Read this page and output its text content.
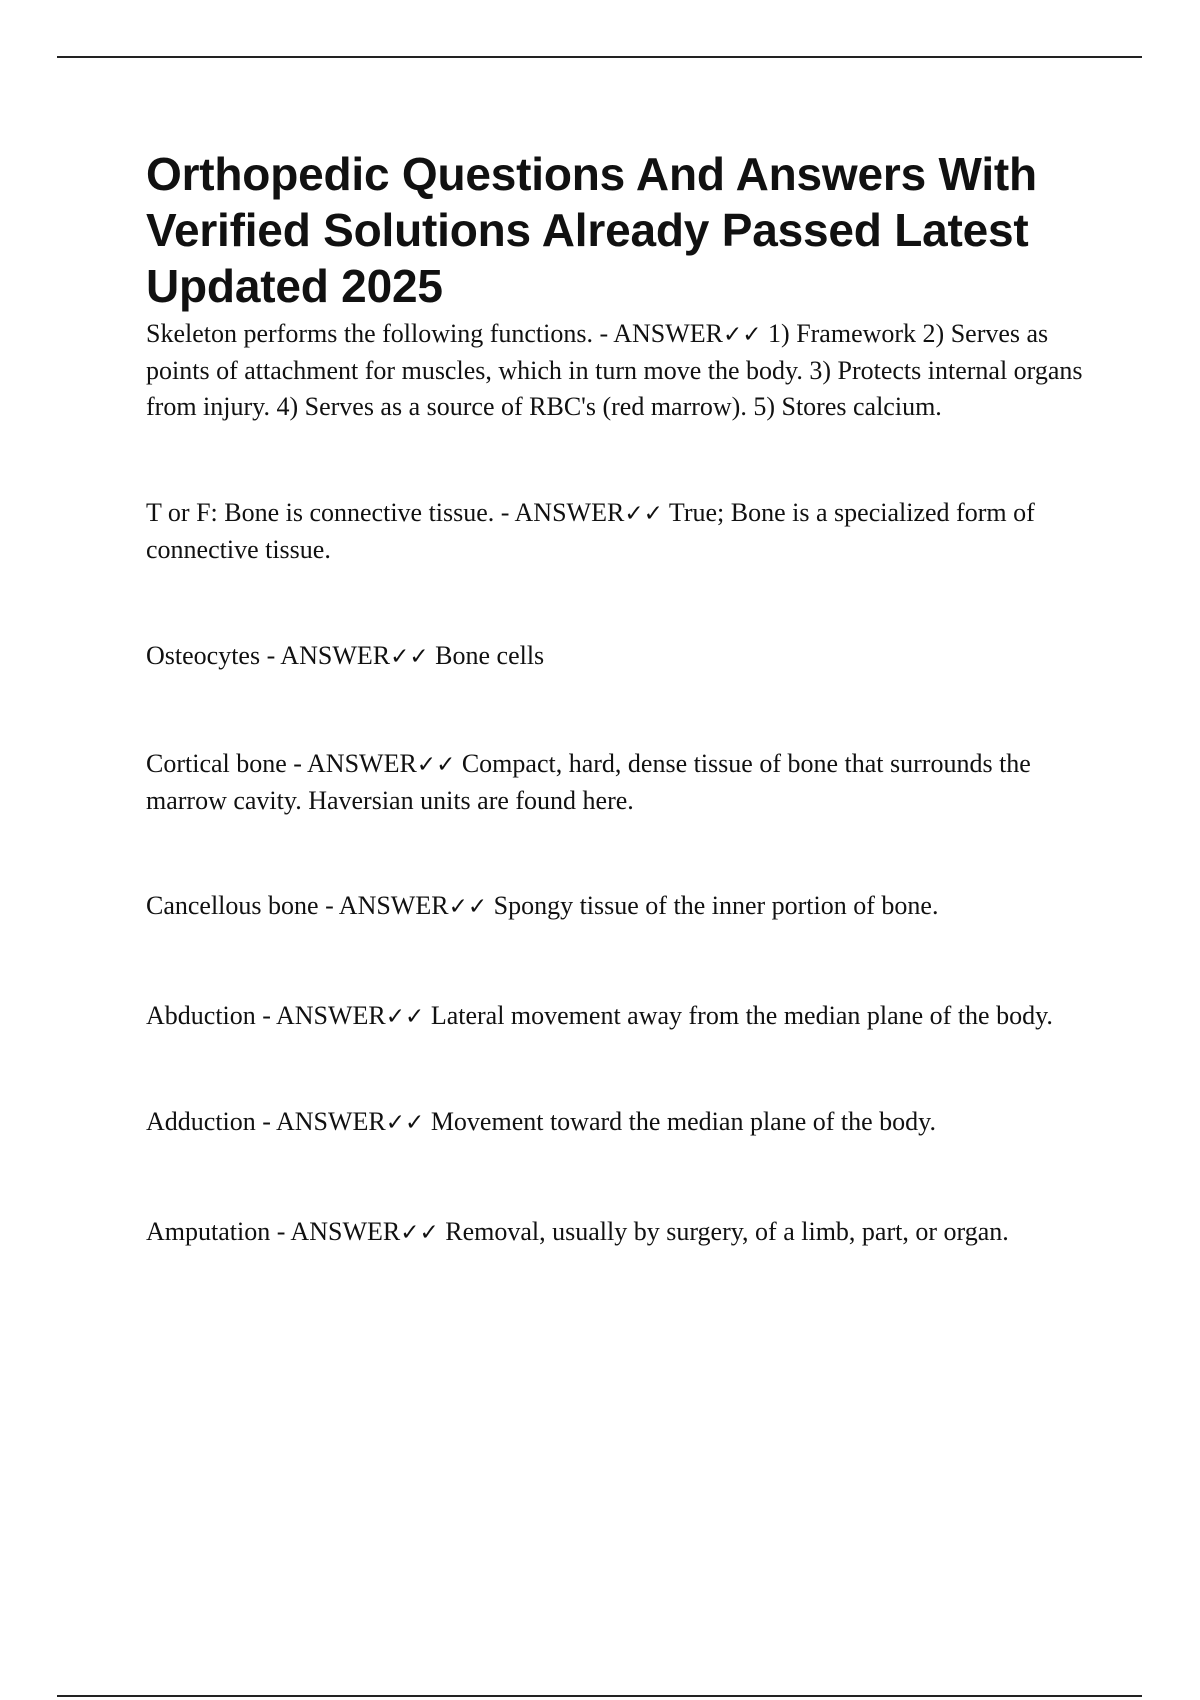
Orthopedic Questions And Answers With Verified Solutions Already Passed Latest Updated 2025

Skeleton performs the following functions. - ANSWER✓✓ 1) Framework 2) Serves as points of attachment for muscles, which in turn move the body. 3) Protects internal organs from injury. 4) Serves as a source of RBC's (red marrow). 5) Stores calcium.

T or F: Bone is connective tissue. - ANSWER✓✓ True; Bone is a specialized form of connective tissue.

Osteocytes - ANSWER✓✓ Bone cells

Cortical bone - ANSWER✓✓ Compact, hard, dense tissue of bone that surrounds the marrow cavity. Haversian units are found here.

Cancellous bone - ANSWER✓✓ Spongy tissue of the inner portion of bone.

Abduction - ANSWER✓✓ Lateral movement away from the median plane of the body.

Adduction - ANSWER✓✓ Movement toward the median plane of the body.

Amputation - ANSWER✓✓ Removal, usually by surgery, of a limb, part, or organ.
